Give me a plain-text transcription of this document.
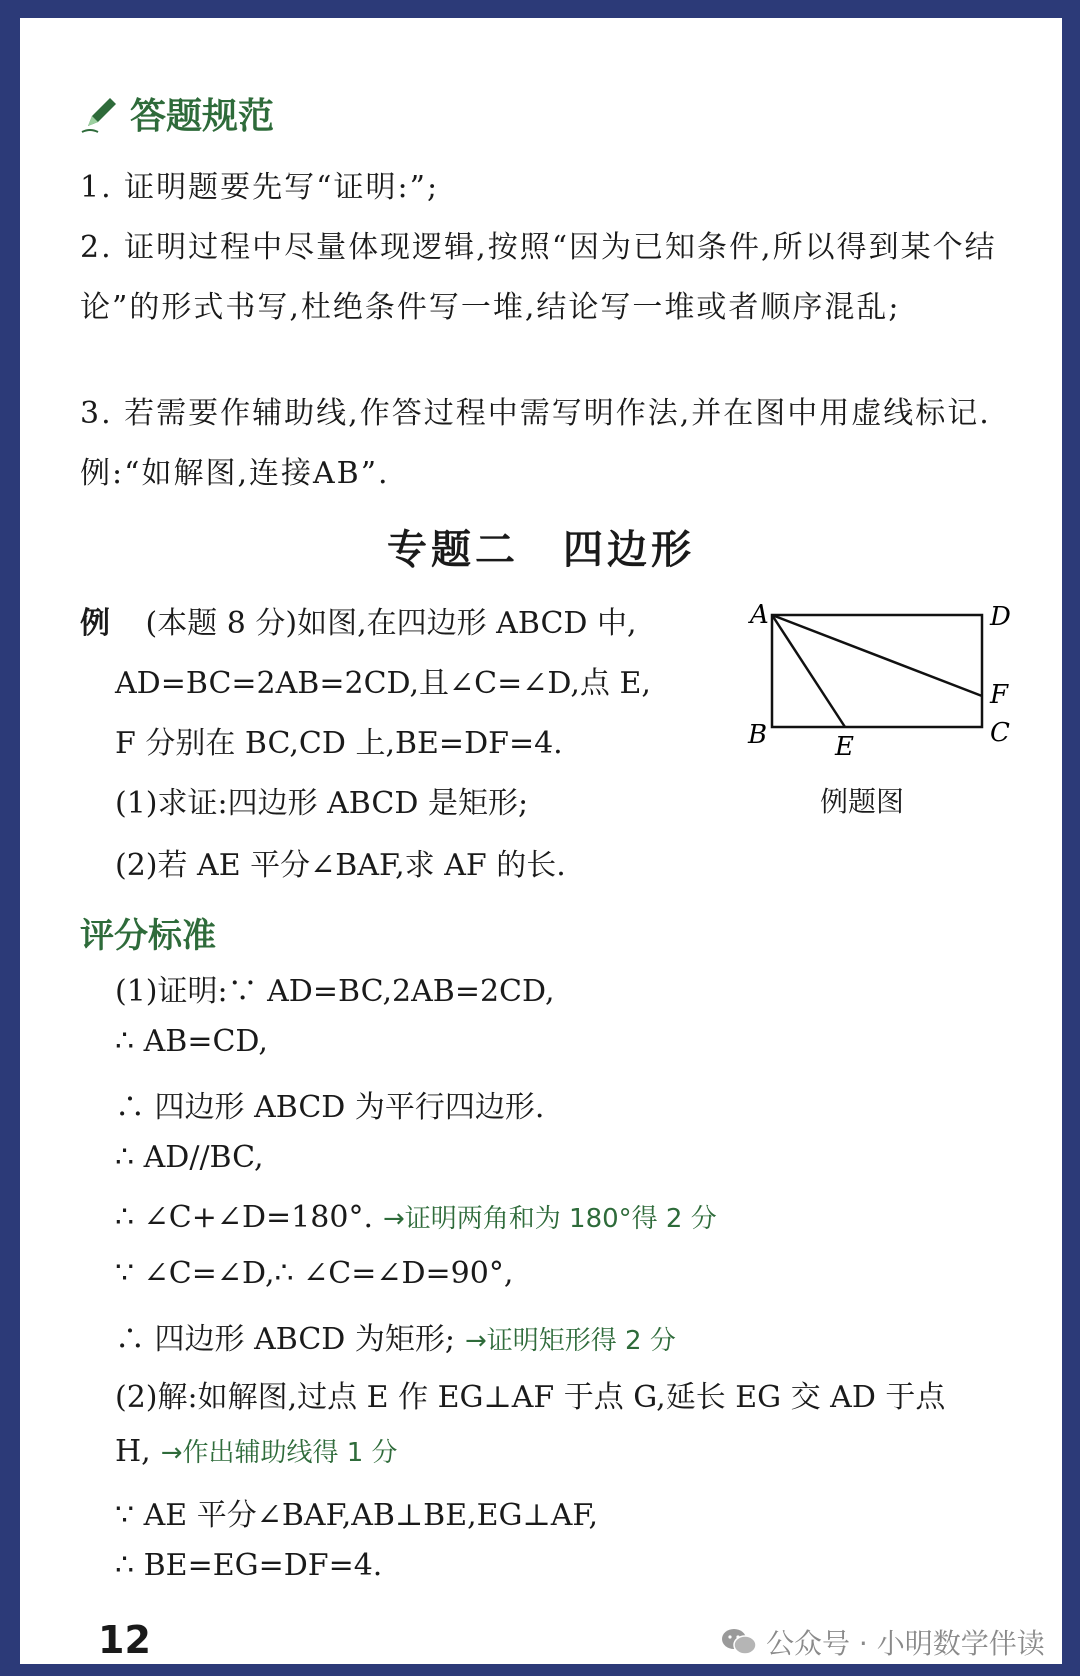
答题规范
1. 证明题要先写“证明:”;
2. 证明过程中尽量体现逻辑,按照“因为已知条件,所以得到某个结论”的形式书写,杜绝条件写一堆,结论写一堆或者顺序混乱;
3. 若需要作辅助线,作答过程中需写明作法,并在图中用虚线标记. 例:“如解图,连接AB”.
专题二　四边形
例 (本题 8 分)如图,在四边形 ABCD 中,
AD=BC=2AB=2CD,且∠C=∠D,点 E,
F 分别在 BC,CD 上,BE=DF=4.
(1)求证:四边形 ABCD 是矩形;
(2)若 AE 平分∠BAF,求 AF 的长.
A	D
B	C
E
F
例题图
评分标准
(1)证明:∵ AD=BC,2AB=2CD,
∴ AB=CD,
∴ 四边形 ABCD 为平行四边形.
∴ AD//BC,
∴ ∠C+∠D=180°. →证明两角和为 180°得 2 分
∵ ∠C=∠D,∴ ∠C=∠D=90°,
∴ 四边形 ABCD 为矩形; →证明矩形得 2 分
(2)解:如解图,过点 E 作 EG⊥AF 于点 G,延长 EG 交 AD 于点
H, →作出辅助线得 1 分
∵ AE 平分∠BAF,AB⊥BE,EG⊥AF,
∴ BE=EG=DF=4.
12	公众号 · 小明数学伴读
